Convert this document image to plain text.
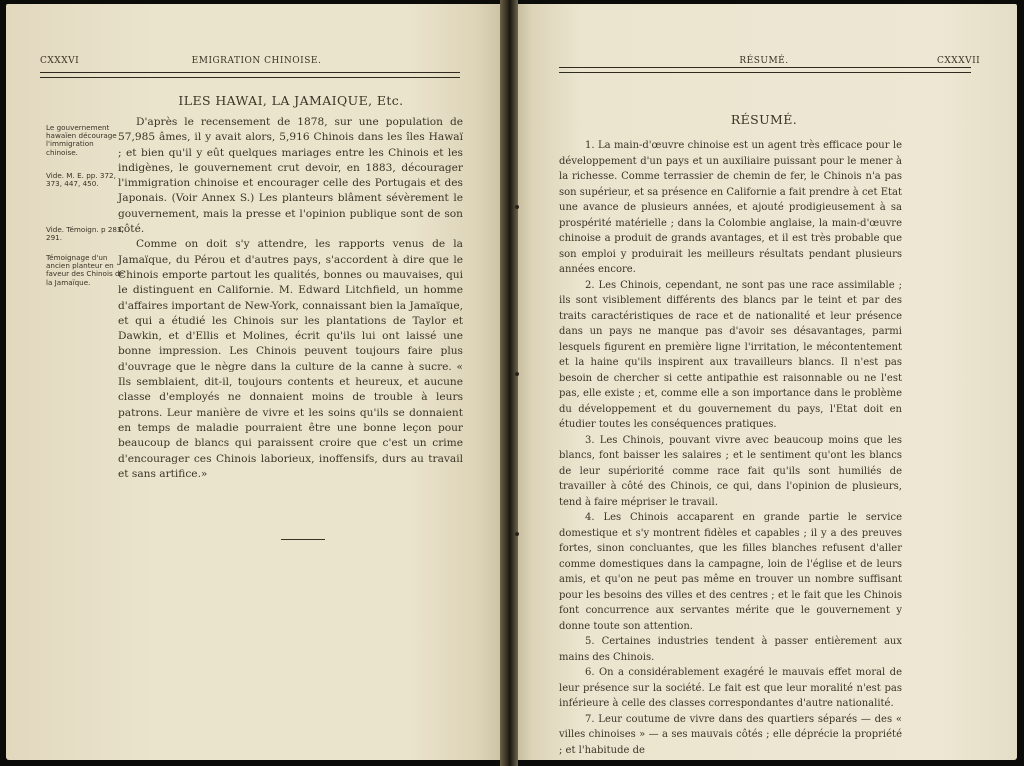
CXXXVI	EMIGRATION CHINOISE.
ILES HAWAI, LA JAMAIQUE, Etc.
Le gouvernement hawaïen décourage l'immigration chinoise.
Vide. M. E. pp. 372, 373, 447, 450.
Vide. Témoign. p 283, 291.
Témoignage d'un ancien planteur en faveur des Chinois de la Jamaïque.

D'après le recensement de 1878, sur une population de 57,985 âmes, il y avait alors, 5,916 Chinois dans les îles Hawaï ; et bien qu'il y eût quelques mariages entre les Chinois et les indigènes, le gouvernement crut devoir, en 1883, décourager l'immigration chinoise et encourager celle des Portugais et des Japonais. (Voir Annex S.) Les planteurs blâment sévèrement le gouvernement, mais la presse et l'opinion publique sont de son côté.

Comme on doit s'y attendre, les rapports venus de la Jamaïque, du Pérou et d'autres pays, s'accordent à dire que le Chinois emporte partout les qualités, bonnes ou mauvaises, qui le distinguent en Californie. M. Edward Litchfield, un homme d'affaires important de New-York, connaissant bien la Jamaïque, et qui a étudié les Chinois sur les plantations de Taylor et Dawkin, et d'Ellis et Molines, écrit qu'ils lui ont laissé une bonne impression. Les Chinois peuvent toujours faire plus d'ouvrage que le nègre dans la culture de la canne à sucre. « Ils semblaient, dit-il, toujours contents et heureux, et aucune classe d'employés ne donnaient moins de trouble à leurs patrons. Leur manière de vivre et les soins qu'ils se donnaient en temps de maladie pourraient être une bonne leçon pour beaucoup de blancs qui paraissent croire que c'est un crime d'encourager ces Chinois laborieux, inoffensifs, durs au travail et sans artifice.»

RÉSUMÉ.	CXXXVII
RÉSUMÉ.

1. La main-d'œuvre chinoise est un agent très efficace pour le développement d'un pays et un auxiliaire puissant pour le mener à la richesse. Comme terrassier de chemin de fer, le Chinois n'a pas son supérieur, et sa présence en Californie a fait prendre à cet Etat une avance de plusieurs années, et ajouté prodigieusement à sa prospérité matérielle ; dans la Colombie anglaise, la main-d'œuvre chinoise a produit de grands avantages, et il est très probable que son emploi y produirait les meilleurs résultats pendant plusieurs années encore.

2. Les Chinois, cependant, ne sont pas une race assimilable ; ils sont visiblement différents des blancs par le teint et par des traits caractéristiques de race et de nationalité et leur présence dans un pays ne manque pas d'avoir ses désavantages, parmi lesquels figurent en première ligne l'irritation, le mécontentement et la haine qu'ils inspirent aux travailleurs blancs. Il n'est pas besoin de chercher si cette antipathie est raisonnable ou ne l'est pas, elle existe ; et, comme elle a son importance dans le problème du développement et du gouvernement du pays, l'Etat doit en étudier toutes les conséquences pratiques.

3. Les Chinois, pouvant vivre avec beaucoup moins que les blancs, font baisser les salaires ; et le sentiment qu'ont les blancs de leur supériorité comme race fait qu'ils sont humiliés de travailler à côté des Chinois, ce qui, dans l'opinion de plusieurs, tend à faire mépriser le travail.

4. Les Chinois accaparent en grande partie le service domestique et s'y montrent fidèles et capables ; il y a des preuves fortes, sinon concluantes, que les filles blanches refusent d'aller comme domestiques dans la campagne, loin de l'église et de leurs amis, et qu'on ne peut pas même en trouver un nombre suffisant pour les besoins des villes et des centres ; et le fait que les Chinois font concurrence aux servantes mérite que le gouvernement y donne toute son attention.

5. Certaines industries tendent à passer entièrement aux mains des Chinois.

6. On a considérablement exagéré le mauvais effet moral de leur présence sur la société. Le fait est que leur moralité n'est pas inférieure à celle des classes correspondantes d'autre nationalité.

7. Leur coutume de vivre dans des quartiers séparés — des « villes chinoises » — a ses mauvais côtés ; elle déprécie la propriété ; et l'habitude de
